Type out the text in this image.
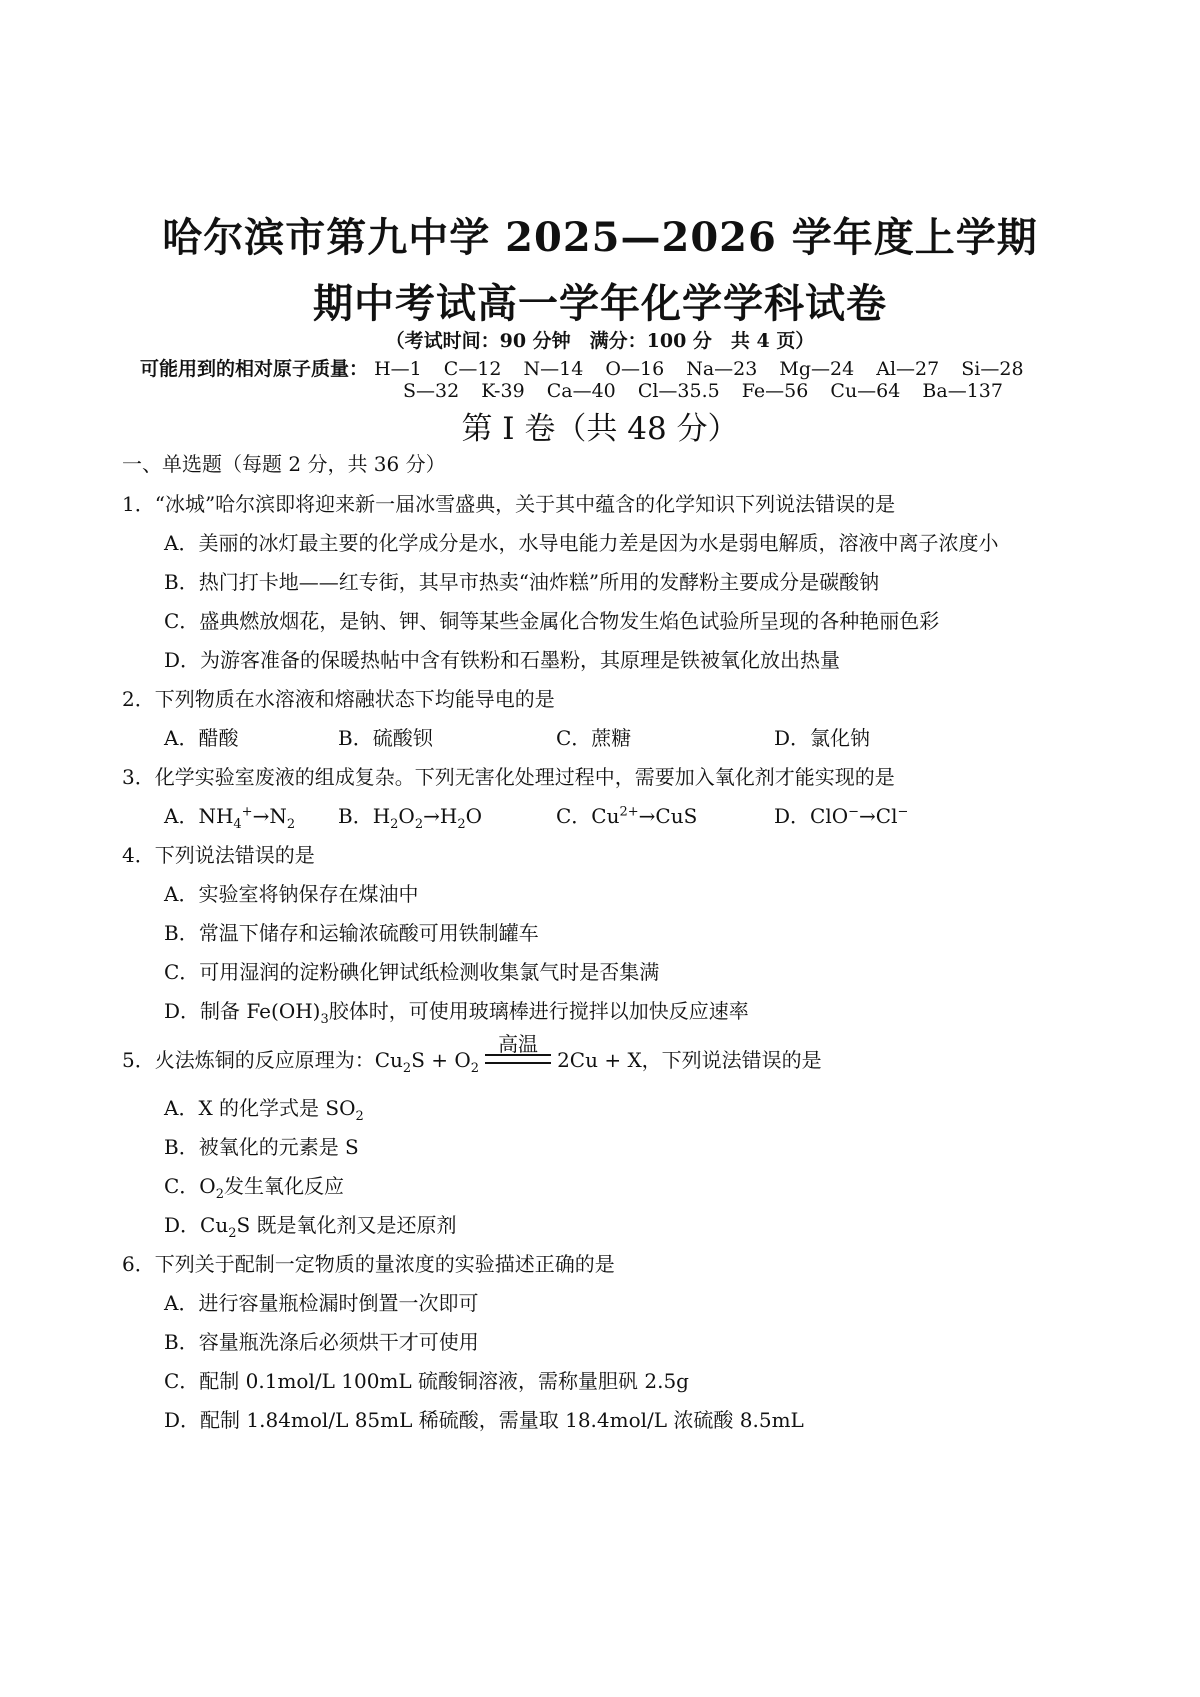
哈尔滨市第九中学 2025—2026 学年度上学期
期中考试高一学年化学学科试卷
（考试时间：90 分钟　满分：100 分　共 4 页）
可能用到的相对原子质量： H—1 C—12 N—14 O—16 Na—23 Mg—24 Al—27 Si—28
S—32 K-39 Ca—40 Cl—35.5 Fe—56 Cu—64 Ba—137
第 I 卷（共 48 分）
一、单选题（每题 2 分，共 36 分）
1．“冰城”哈尔滨即将迎来新一届冰雪盛典，关于其中蕴含的化学知识下列说法错误的是
A．美丽的冰灯最主要的化学成分是水，水导电能力差是因为水是弱电解质，溶液中离子浓度小
B．热门打卡地——红专街，其早市热卖“油炸糕”所用的发酵粉主要成分是碳酸钠
C．盛典燃放烟花，是钠、钾、铜等某些金属化合物发生焰色试验所呈现的各种艳丽色彩
D．为游客准备的保暖热帖中含有铁粉和石墨粉，其原理是铁被氧化放出热量
2．下列物质在水溶液和熔融状态下均能导电的是
A．醋酸	B．硫酸钡	C．蔗糖	D．氯化钠
3．化学实验室废液的组成复杂。下列无害化处理过程中，需要加入氧化剂才能实现的是
A．$NH_4^+\to N_2$ B．$H_2O_2\to H_2O$	C．$Cu^{2+}\to CuS$	D．ClO−→Cl−
4．下列说法错误的是
A．实验室将钠保存在煤油中
B．常温下储存和运输浓硫酸可用铁制罐车
C．可用湿润的淀粉碘化钾试纸检测收集氯气时是否集满
D．制备 $Fe(OH)_3$胶体时，可使用玻璃棒进行搅拌以加快反应速率
5．火法炼铜的反应原理为：$Cu_2S + O_2$
高温
2Cu + X，下列说法错误的是
A．X 的化学式是 $SO_2$
B．被氧化的元素是 S
C．$O_2$发生氧化反应
D．$Cu_2S$ 既是氧化剂又是还原剂
6．下列关于配制一定物质的量浓度的实验描述正确的是
A．进行容量瓶检漏时倒置一次即可
B．容量瓶洗涤后必须烘干才可使用
C．配制 0.1mol/L 100mL 硫酸铜溶液，需称量胆矾 2.5g
D．配制 1.84mol/L 85mL 稀硫酸，需量取 18.4mol/L 浓硫酸 8.5mL
